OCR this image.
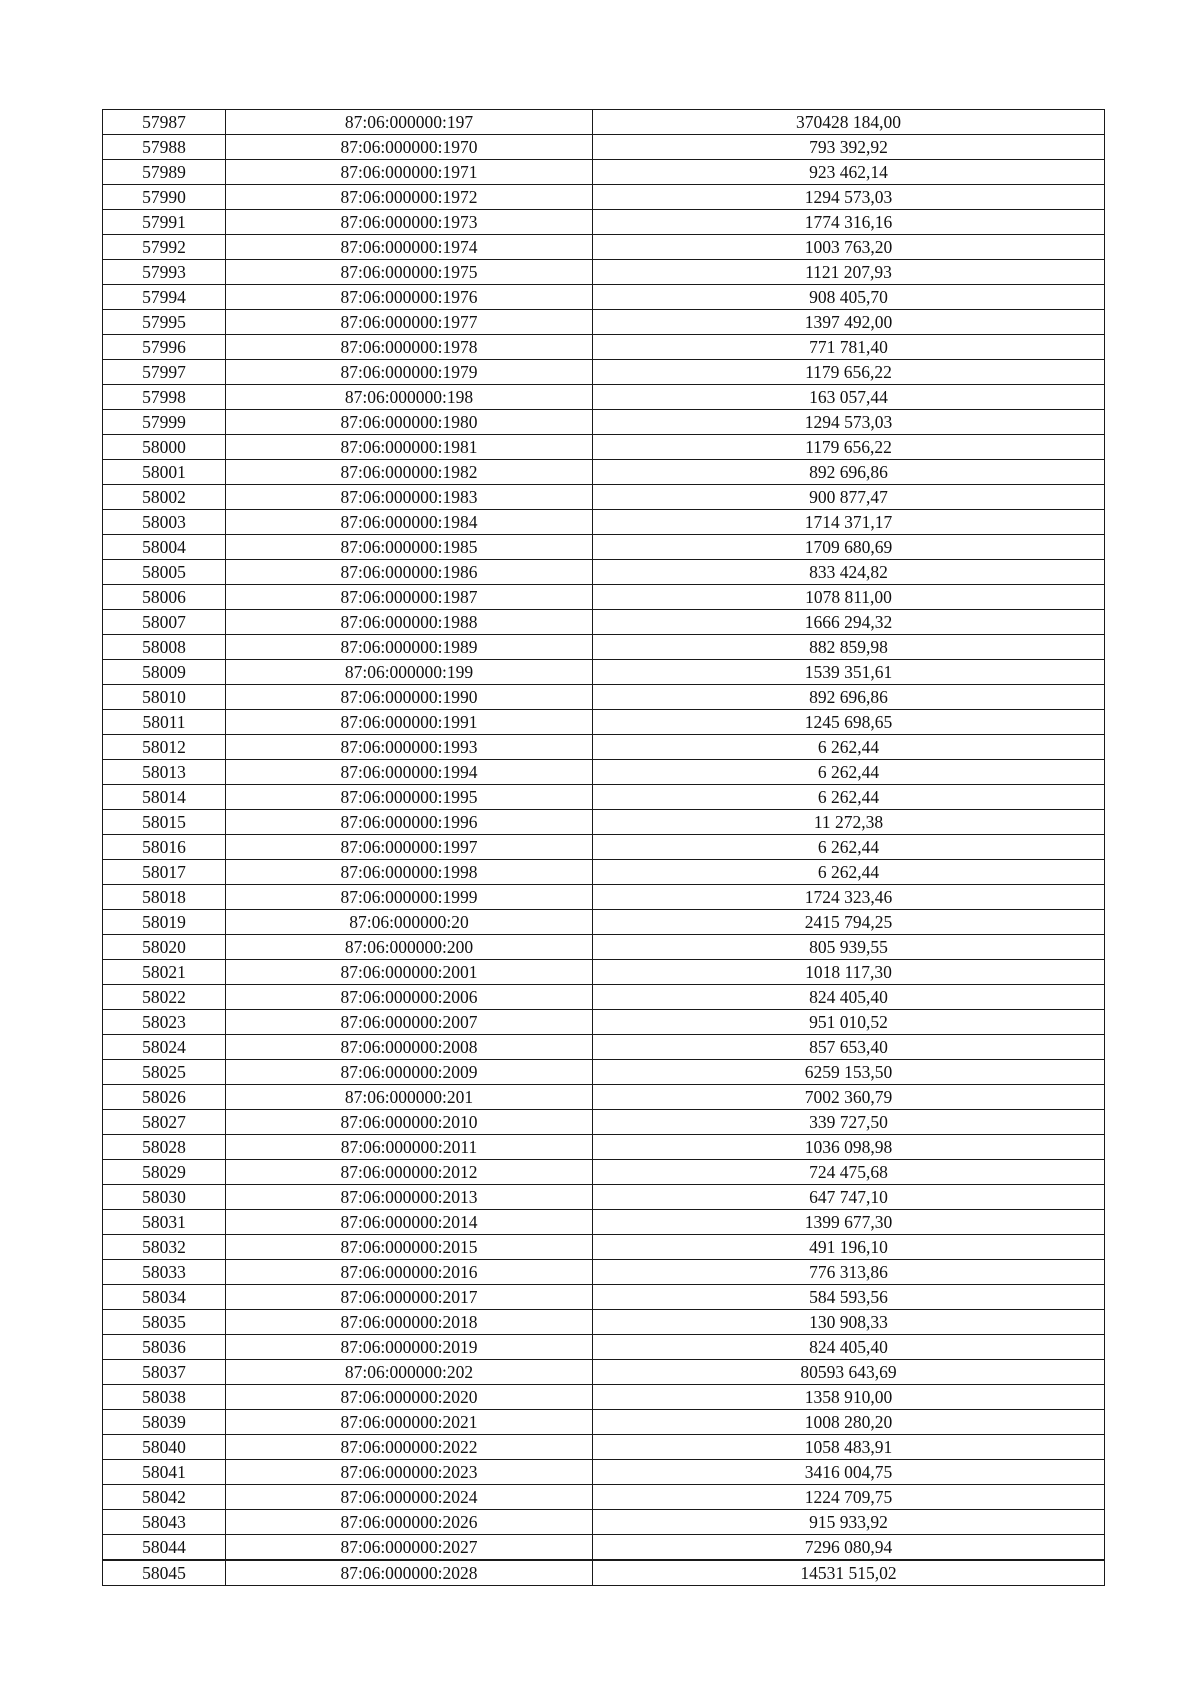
57987	87:06:000000:197	370428 184,00
57988	87:06:000000:1970	793 392,92
57989	87:06:000000:1971	923 462,14
57990	87:06:000000:1972	1294 573,03
57991	87:06:000000:1973	1774 316,16
57992	87:06:000000:1974	1003 763,20
57993	87:06:000000:1975	1121 207,93
57994	87:06:000000:1976	908 405,70
57995	87:06:000000:1977	1397 492,00
57996	87:06:000000:1978	771 781,40
57997	87:06:000000:1979	1179 656,22
57998	87:06:000000:198	163 057,44
57999	87:06:000000:1980	1294 573,03
58000	87:06:000000:1981	1179 656,22
58001	87:06:000000:1982	892 696,86
58002	87:06:000000:1983	900 877,47
58003	87:06:000000:1984	1714 371,17
58004	87:06:000000:1985	1709 680,69
58005	87:06:000000:1986	833 424,82
58006	87:06:000000:1987	1078 811,00
58007	87:06:000000:1988	1666 294,32
58008	87:06:000000:1989	882 859,98
58009	87:06:000000:199	1539 351,61
58010	87:06:000000:1990	892 696,86
58011	87:06:000000:1991	1245 698,65
58012	87:06:000000:1993	6 262,44
58013	87:06:000000:1994	6 262,44
58014	87:06:000000:1995	6 262,44
58015	87:06:000000:1996	11 272,38
58016	87:06:000000:1997	6 262,44
58017	87:06:000000:1998	6 262,44
58018	87:06:000000:1999	1724 323,46
58019	87:06:000000:20	2415 794,25
58020	87:06:000000:200	805 939,55
58021	87:06:000000:2001	1018 117,30
58022	87:06:000000:2006	824 405,40
58023	87:06:000000:2007	951 010,52
58024	87:06:000000:2008	857 653,40
58025	87:06:000000:2009	6259 153,50
58026	87:06:000000:201	7002 360,79
58027	87:06:000000:2010	339 727,50
58028	87:06:000000:2011	1036 098,98
58029	87:06:000000:2012	724 475,68
58030	87:06:000000:2013	647 747,10
58031	87:06:000000:2014	1399 677,30
58032	87:06:000000:2015	491 196,10
58033	87:06:000000:2016	776 313,86
58034	87:06:000000:2017	584 593,56
58035	87:06:000000:2018	130 908,33
58036	87:06:000000:2019	824 405,40
58037	87:06:000000:202	80593 643,69
58038	87:06:000000:2020	1358 910,00
58039	87:06:000000:2021	1008 280,20
58040	87:06:000000:2022	1058 483,91
58041	87:06:000000:2023	3416 004,75
58042	87:06:000000:2024	1224 709,75
58043	87:06:000000:2026	915 933,92
58044	87:06:000000:2027	7296 080,94
58045	87:06:000000:2028	14531 515,02
